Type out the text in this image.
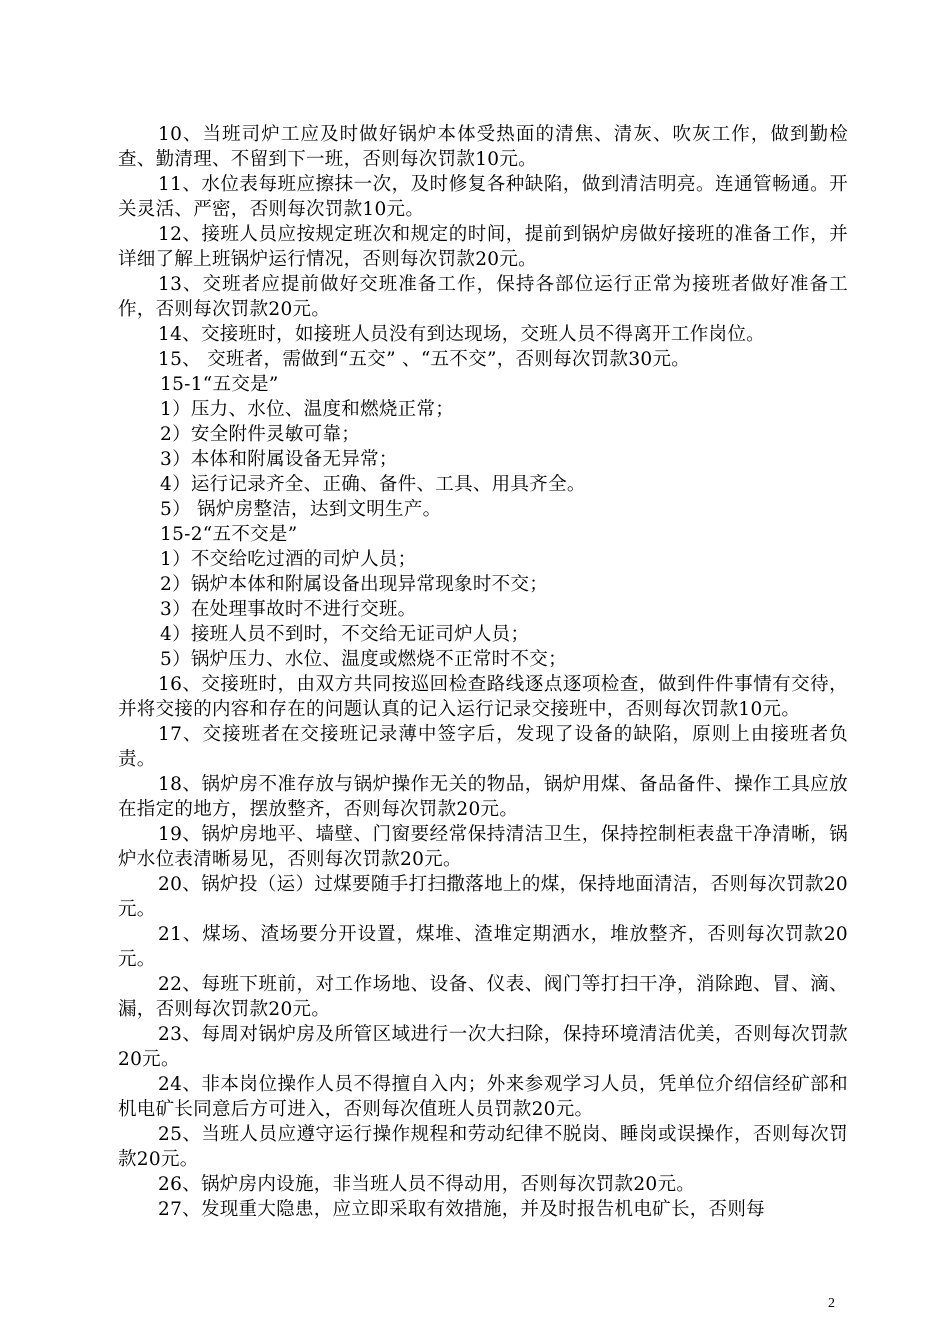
10、当班司炉工应及时做好锅炉本体受热面的清焦、清灰、吹灰工作，做到勤检查、勤清理、不留到下一班，否则每次罚款10元。

11、水位表每班应擦抹一次，及时修复各种缺陷，做到清洁明亮。连通管畅通。开关灵活、严密，否则每次罚款10元。

12、接班人员应按规定班次和规定的时间，提前到锅炉房做好接班的准备工作，并详细了解上班锅炉运行情况，否则每次罚款20元。

13、交班者应提前做好交班准备工作，保持各部位运行正常为接班者做好准备工作，否则每次罚款20元。

14、交接班时，如接班人员没有到达现场，交班人员不得离开工作岗位。

15、 交班者，需做到“五交” 、“五不交”，否则每次罚款30元。

15-1“五交是”

1）压力、水位、温度和燃烧正常；

2）安全附件灵敏可靠；

3）本体和附属设备无异常；

4）运行记录齐全、正确、备件、工具、用具齐全。

5） 锅炉房整洁，达到文明生产。

15-2“五不交是”

1）不交给吃过酒的司炉人员；

2）锅炉本体和附属设备出现异常现象时不交；

3）在处理事故时不进行交班。

4）接班人员不到时，不交给无证司炉人员；

5）锅炉压力、水位、温度或燃烧不正常时不交；

16、交接班时，由双方共同按巡回检查路线逐点逐项检查，做到件件事情有交待，并将交接的内容和存在的问题认真的记入运行记录交接班中，否则每次罚款10元。

17、交接班者在交接班记录薄中签字后，发现了设备的缺陷，原则上由接班者负责。

18、锅炉房不准存放与锅炉操作无关的物品，锅炉用煤、备品备件、操作工具应放在指定的地方，摆放整齐，否则每次罚款20元。

19、锅炉房地平、墙壁、门窗要经常保持清洁卫生，保持控制柜表盘干净清晰，锅炉水位表清晰易见，否则每次罚款20元。

20、锅炉投（运）过煤要随手打扫撒落地上的煤，保持地面清洁，否则每次罚款20元。

21、煤场、渣场要分开设置，煤堆、渣堆定期洒水，堆放整齐，否则每次罚款20元。

22、每班下班前，对工作场地、设备、仪表、阀门等打扫干净，消除跑、冒、滴、漏，否则每次罚款20元。

23、每周对锅炉房及所管区域进行一次大扫除，保持环境清洁优美，否则每次罚款20元。

24、非本岗位操作人员不得擅自入内；外来参观学习人员，凭单位介绍信经矿部和机电矿长同意后方可进入，否则每次值班人员罚款20元。

25、当班人员应遵守运行操作规程和劳动纪律不脱岗、睡岗或误操作，否则每次罚款20元。

26、锅炉房内设施，非当班人员不得动用，否则每次罚款20元。

27、发现重大隐患，应立即采取有效措施，并及时报告机电矿长，否则每

2
